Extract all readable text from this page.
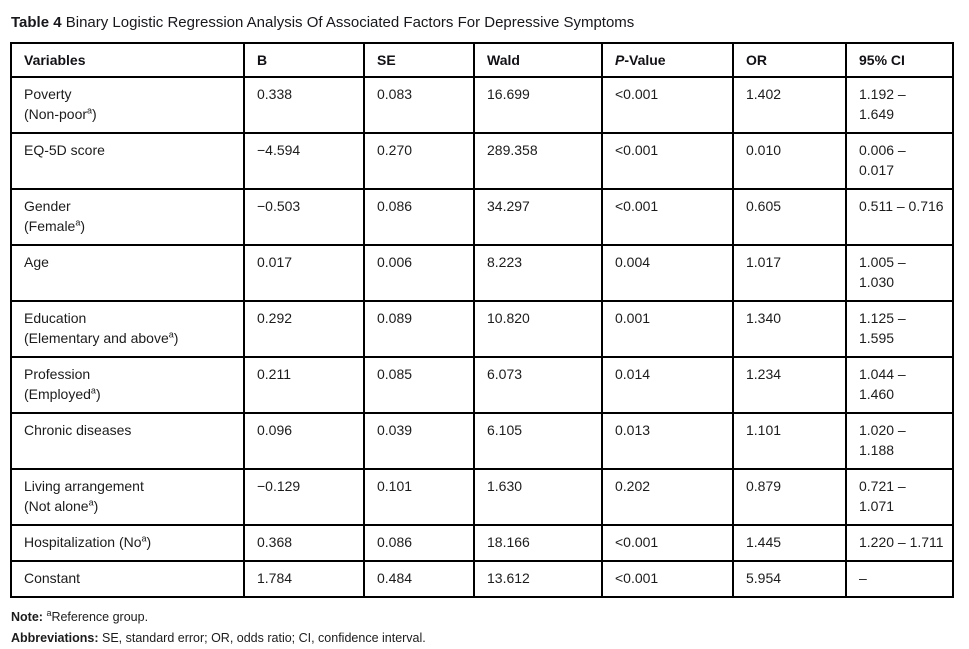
Table 4 Binary Logistic Regression Analysis Of Associated Factors For Depressive Symptoms
Variables	B	SE	Wald	P-Value	OR	95% CI
Poverty
(Non-poor$^a$)	0.338	0.083	16.699	<0.001	1.402	1.192 – 1.649
EQ-5D score	−4.594	0.270	289.358	<0.001	0.010	0.006 – 0.017
Gender
(Female$^a$)	−0.503	0.086	34.297	<0.001	0.605	0.511 – 0.716
Age	0.017	0.006	8.223	0.004	1.017	1.005 – 1.030
Education
(Elementary and above$^a$)	0.292	0.089	10.820	0.001	1.340	1.125 – 1.595
Profession
(Employed$^a$)	0.211	0.085	6.073	0.014	1.234	1.044 – 1.460
Chronic diseases	0.096	0.039	6.105	0.013	1.101	1.020 – 1.188
Living arrangement
(Not alone$^a$)	−0.129	0.101	1.630	0.202	0.879	0.721 – 1.071
Hospitalization (No$^a$)	0.368	0.086	18.166	<0.001	1.445	1.220 – 1.711
Constant	1.784	0.484	13.612	<0.001	5.954	–
Note: $^a$Reference group.
Abbreviations: SE, standard error; OR, odds ratio; CI, confidence interval.
